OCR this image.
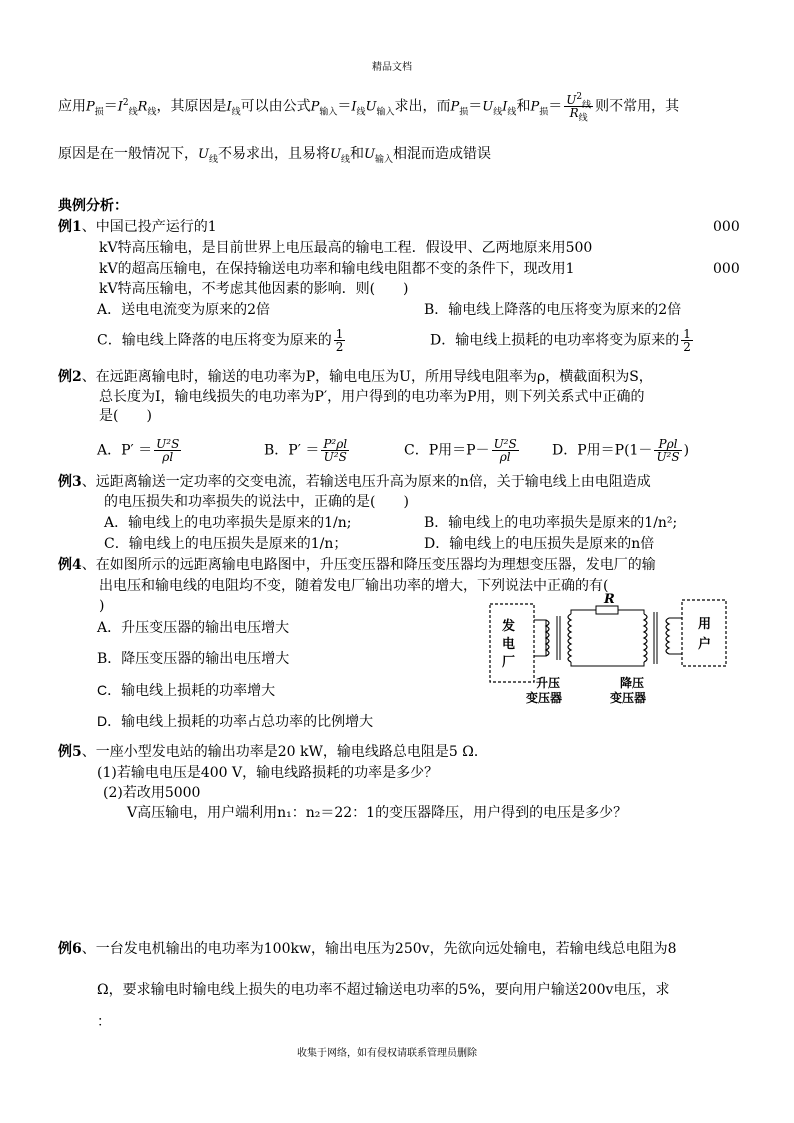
精品文档
应用$P_损=I^2_线R_线$，其原因是$I_线$可以由公式$P_{输入}=I_线U_{输入}$求出，而$P_损=U_线I_线$和$P_损= \frac{U^2_线}{R_线}$ 则不常用，其
原因是在一般情况下，$U_线$不易求出，且易将$U_线$和$U_{输入}$相混而造成错误
典例分析：
例1、中国已投产运行的1	000
kV特高压输电，是目前世界上电压最高的输电工程．假设甲、乙两地原来用500
kV的超高压输电，在保持输送电功率和输电线电阻都不变的条件下，现改用1	000
kV特高压输电，不考虑其他因素的影响．则(　　)
A．送电电流变为原来的2倍	B．输电线上降落的电压将变为原来的2倍
C．输电线上降落的电压将变为原来的 $\frac{1}{2}$	D．输电线上损耗的电功率将变为原来的 $\frac{1}{2}$
例2、在远距离输电时，输送的电功率为P，输电电压为U，所用导线电阻率为ρ，横截面积为S，
总长度为I，输电线损失的电功率为P′，用户得到的电功率为P用，则下列关系式中正确的
是(　　)
A．$P' = \frac{\text{U²S}}{\rho l}$	B．$P' = \frac{\text{P²ρl}}{\text{U²S}}$	C．P用$=P- \frac{\text{U²S}}{\rho l}$ D．P用$=P(1- \frac{\text{Pρl}}{\text{U²S}}$ )
例3、远距离输送一定功率的交变电流，若输送电压升高为原来的n倍，关于输电线上由电阻造成
的电压损失和功率损失的说法中，正确的是(　　)
A．输电线上的电功率损失是原来的1/n;	B．输电线上的电功率损失是原来的1/n²;
C．输电线上的电压损失是原来的1/n；	D．输电线上的电压损失是原来的n倍
例4、在如图所示的远距离输电电路图中，升压变压器和降压变压器均为理想变压器，发电厂的输
出电压和输电线的电阻均不变，随着发电厂输出功率的增大，下列说法中正确的有(
)
A．升压变压器的输出电压增大
B．降压变压器的输出电压增大
C．输电线上损耗的功率增大
D．输电线上损耗的功率占总功率的比例增大
R
发
电
厂
用
户
升压
变压器
降压
变压器
例5、一座小型发电站的输出功率是20 kW，输电线路总电阻是5 Ω．
(1)若输电电压是400 V，输电线路损耗的功率是多少？
(2)若改用5000
V高压输电，用户端利用n₁：n₂＝22：1的变压器降压，用户得到的电压是多少？
例6、一台发电机输出的电功率为100kw，输出电压为250v，先欲向远处输电，若输电线总电阻为8
Ω，要求输电时输电线上损失的电功率不超过输送电功率的5%，要向用户输送200v电压，求
：
收集于网络，如有侵权请联系管理员删除
